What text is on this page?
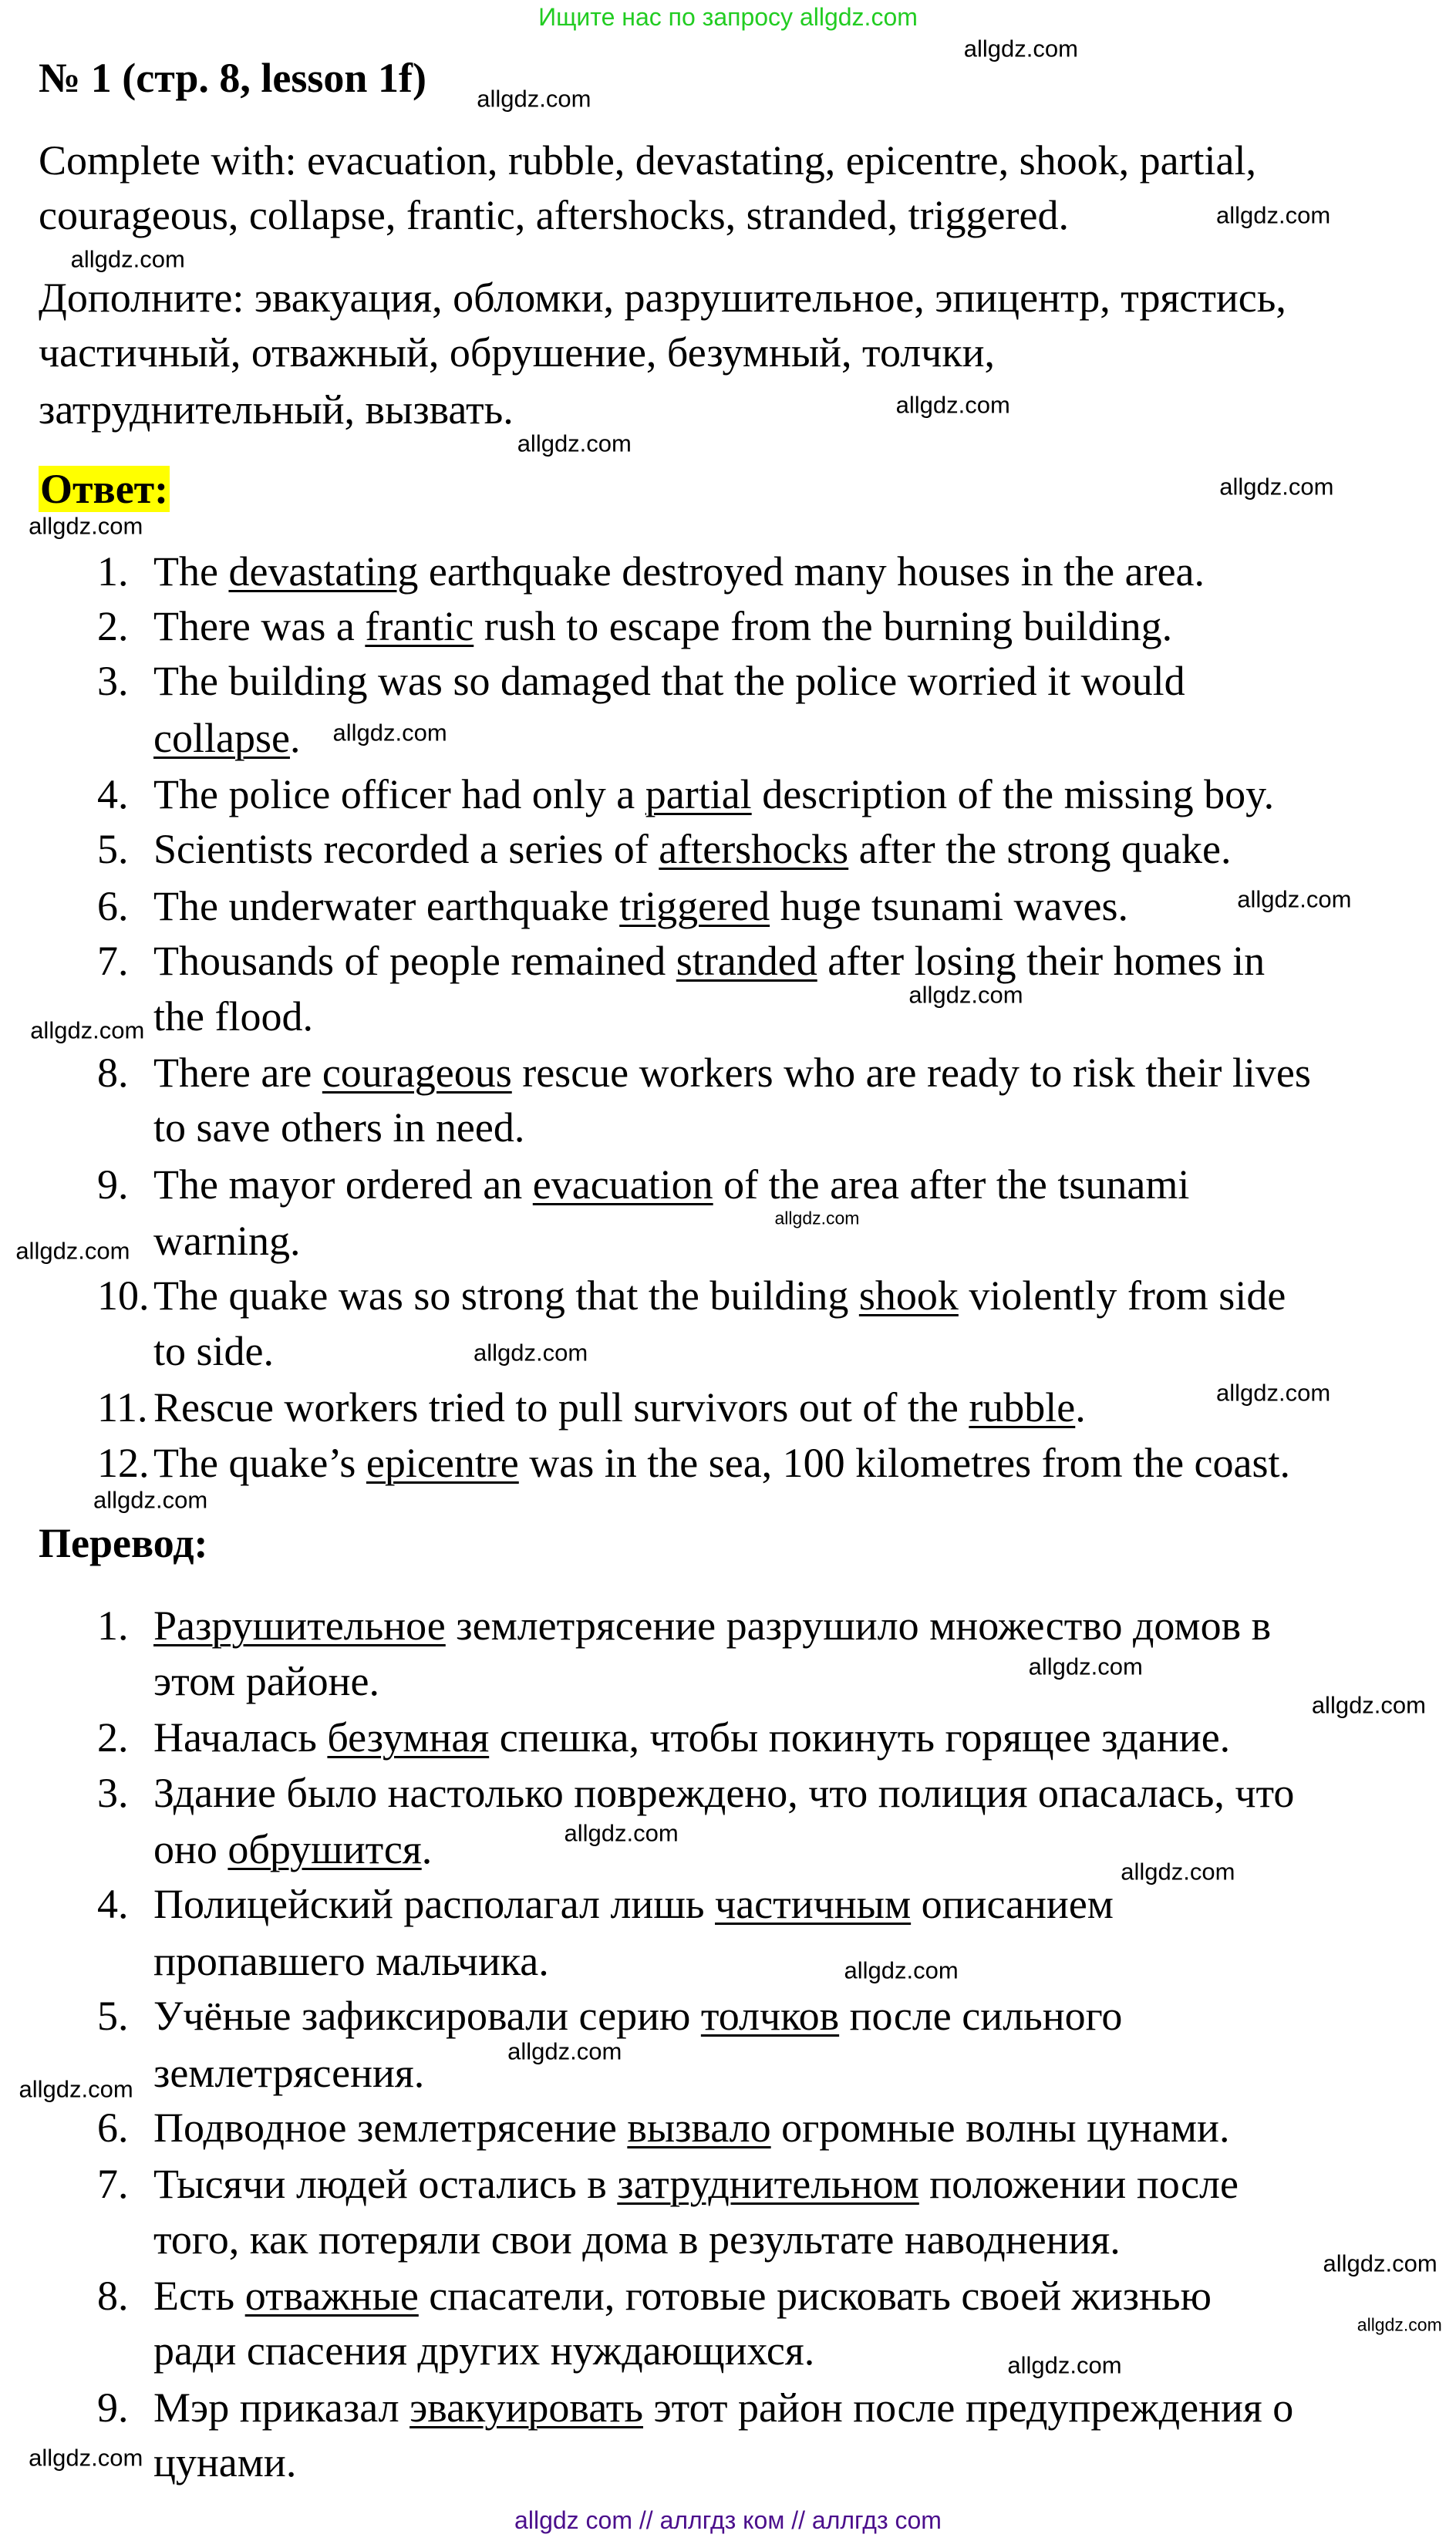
Ищите нас по запросу allgdz.com
№ 1 (стр. 8, lesson 1f)
Complete with: evacuation, rubble, devastating, epicentre, shook, partial,
courageous, collapse, frantic, aftershocks, stranded, triggered.
Дополните: эвакуация, обломки, разрушительное, эпицентр, трястись,
частичный, отважный, обрушение, безумный, толчки,
затруднительный, вызвать.
Ответ:
1. The devastating earthquake destroyed many houses in the area.
2. There was a frantic rush to escape from the burning building.
3. The building was so damaged that the police worried it would
collapse.
4. The police officer had only a partial description of the missing boy.
5. Scientists recorded a series of aftershocks after the strong quake.
6. The underwater earthquake triggered huge tsunami waves.
7. Thousands of people remained stranded after losing their homes in
the flood.
8. There are courageous rescue workers who are ready to risk their lives
to save others in need.
9. The mayor ordered an evacuation of the area after the tsunami
warning.
10. The quake was so strong that the building shook violently from side
to side.
11. Rescue workers tried to pull survivors out of the rubble.
12. The quake’s epicentre was in the sea, 100 kilometres from the coast.
Перевод:
1. Разрушительное землетрясение разрушило множество домов в
этом районе.
2. Началась безумная спешка, чтобы покинуть горящее здание.
3. Здание было настолько повреждено, что полиция опасалась, что
оно обрушится.
4. Полицейский располагал лишь частичным описанием
пропавшего мальчика.
5. Учёные зафиксировали серию толчков после сильного
землетрясения.
6. Подводное землетрясение вызвало огромные волны цунами.
7. Тысячи людей остались в затруднительном положении после
того, как потеряли свои дома в результате наводнения.
8. Есть отважные спасатели, готовые рисковать своей жизнью
ради спасения других нуждающихся.
9. Мэр приказал эвакуировать этот район после предупреждения о
цунами.
allgdz com // аллгдз ком // аллгдз com
allgdz.com
allgdz.com
allgdz.com
allgdz.com
allgdz.com
allgdz.com
allgdz.com
allgdz.com
allgdz.com
allgdz.com
allgdz.com
allgdz.com
allgdz.com
allgdz.com
allgdz.com
allgdz.com
allgdz.com
allgdz.com
allgdz.com
allgdz.com
allgdz.com
allgdz.com
allgdz.com
allgdz.com
allgdz.com
allgdz.com
allgdz.com
allgdz.com
